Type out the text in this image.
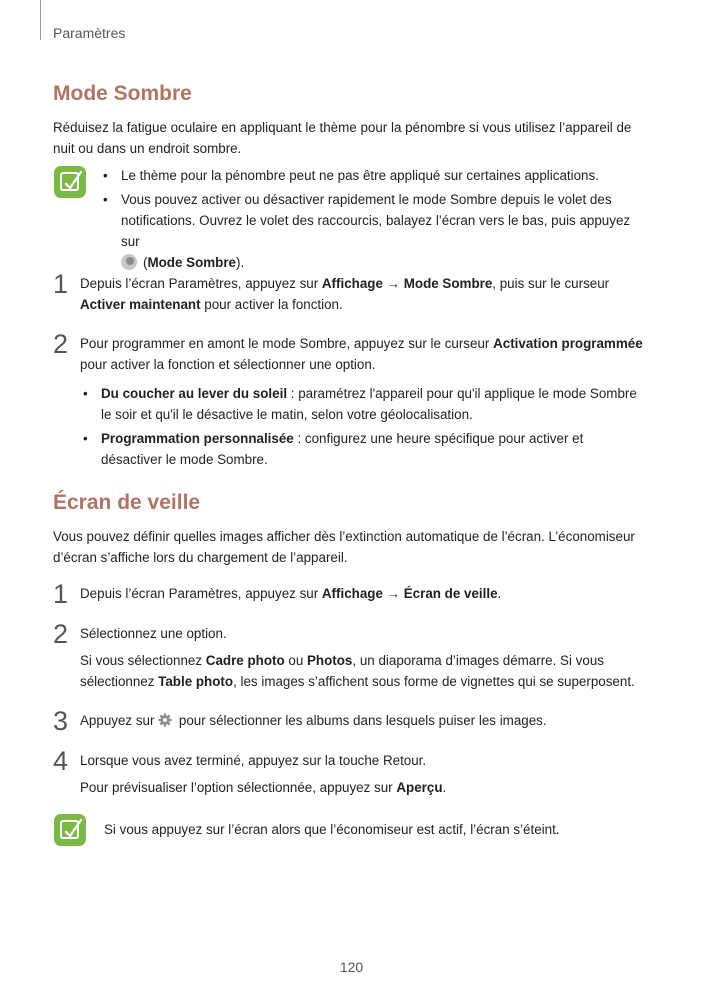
Paramètres
Mode Sombre

Réduisez la fatigue oculaire en appliquant le thème pour la pénombre si vous utilisez l’appareil de nuit ou dans un endroit sombre.

• Le thème pour la pénombre peut ne pas être appliqué sur certaines applications.
• Vous pouvez activer ou désactiver rapidement le mode Sombre depuis le volet des notifications. Ouvrez le volet des raccourcis, balayez l’écran vers le bas, puis appuyez sur
(Mode Sombre).
1 Depuis l’écran Paramètres, appuyez sur Affichage → Mode Sombre, puis sur le curseur Activer maintenant pour activer la fonction.

2 Pour programmer en amont le mode Sombre, appuyez sur le curseur Activation programmée pour activer la fonction et sélectionner une option.

• Du coucher au lever du soleil : paramétrez l'appareil pour qu'il applique le mode Sombre le soir et qu'il le désactive le matin, selon votre géolocalisation.
• Programmation personnalisée : configurez une heure spécifique pour activer et désactiver le mode Sombre.
Écran de veille

Vous pouvez définir quelles images afficher dès l’extinction automatique de l’écran. L’économiseur d’écran s’affiche lors du chargement de l’appareil.

1 Depuis l’écran Paramètres, appuyez sur Affichage → Écran de veille.

2 Sélectionnez une option.

Si vous sélectionnez Cadre photo ou Photos, un diaporama d’images démarre. Si vous sélectionnez Table photo, les images s’affichent sous forme de vignettes qui se superposent.

3 Appuyez sur  pour sélectionner les albums dans lesquels puiser les images.

4 Lorsque vous avez terminé, appuyez sur la touche Retour.

Pour prévisualiser l’option sélectionnée, appuyez sur Aperçu.

Si vous appuyez sur l’écran alors que l’économiseur est actif, l’écran s’éteint.

120
